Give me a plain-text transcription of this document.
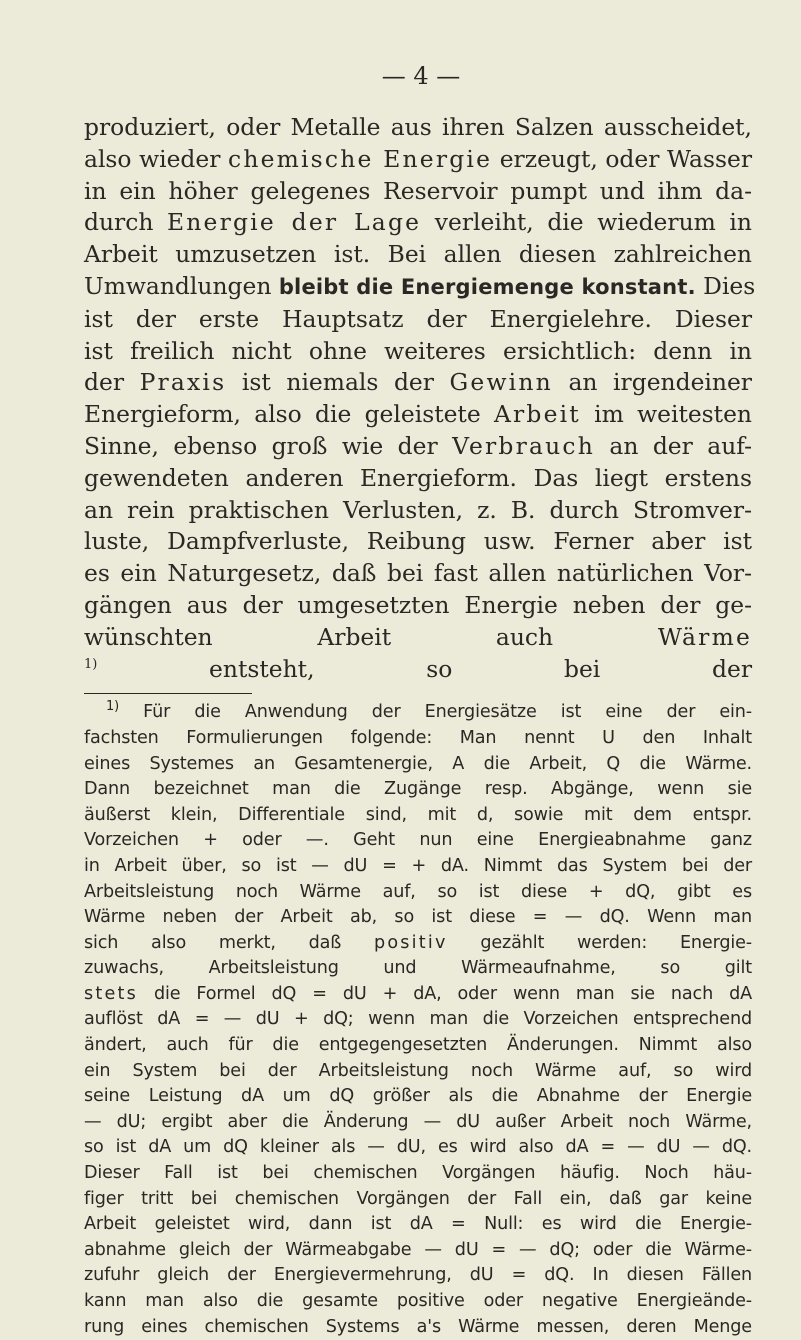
— 4 —
produziert, oder Metalle aus ihren Salzen ausscheidet,
also wieder chemische Energie erzeugt, oder Wasser
in ein höher gelegenes Reservoir pumpt und ihm da-
durch Energie der Lage verleiht, die wiederum in
Arbeit umzusetzen ist. Bei allen diesen zahlreichen
Umwandlungen bleibt die Energiemenge konstant. Dies
ist der erste Hauptsatz der Energielehre. Dieser
ist freilich nicht ohne weiteres ersichtlich: denn in
der Praxis ist niemals der Gewinn an irgendeiner
Energieform, also die geleistete Arbeit im weitesten
Sinne, ebenso groß wie der Verbrauch an der auf-
gewendeten anderen Energieform. Das liegt erstens
an rein praktischen Verlusten, z. B. durch Stromver-
luste, Dampfverluste, Reibung usw. Ferner aber ist
es ein Naturgesetz, daß bei fast allen natürlichen Vor-
gängen aus der umgesetzten Energie neben der ge-
wünschten Arbeit auch Wärme
$^{1)}$ entsteht, so bei der
$^{1)}$ Für die Anwendung der Energiesätze ist eine der ein-
fachsten Formulierungen folgende: Man nennt U den Inhalt
eines Systemes an Gesamtenergie, A die Arbeit, Q die Wärme.
Dann bezeichnet man die Zugänge resp. Abgänge, wenn sie
äußerst klein, Differentiale sind, mit d, sowie mit dem entspr.
Vorzeichen + oder —. Geht nun eine Energieabnahme ganz
in Arbeit über, so ist — dU = + dA. Nimmt das System bei der
Arbeitsleistung noch Wärme auf, so ist diese + dQ, gibt es
Wärme neben der Arbeit ab, so ist diese = — dQ. Wenn man
sich also merkt, daß positiv gezählt werden: Energie-
zuwachs, Arbeitsleistung und Wärmeaufnahme, so gilt
stets die Formel dQ = dU + dA, oder wenn man sie nach dA
auflöst dA = — dU + dQ; wenn man die Vorzeichen entsprechend
ändert, auch für die entgegengesetzten Änderungen. Nimmt also
ein System bei der Arbeitsleistung noch Wärme auf, so wird
seine Leistung dA um dQ größer als die Abnahme der Energie
— dU; ergibt aber die Änderung — dU außer Arbeit noch Wärme,
so ist dA um dQ kleiner als — dU, es wird also dA = — dU — dQ.
Dieser Fall ist bei chemischen Vorgängen häufig. Noch häu-
figer tritt bei chemischen Vorgängen der Fall ein, daß gar keine
Arbeit geleistet wird, dann ist dA = Null: es wird die Energie-
abnahme gleich der Wärmeabgabe — dU = — dQ; oder die Wärme-
zufuhr gleich der Energievermehrung, dU = dQ. In diesen Fällen
kann man also die gesamte positive oder negative Energieände-
rung eines chemischen Systems a's Wärme messen, deren Menge
